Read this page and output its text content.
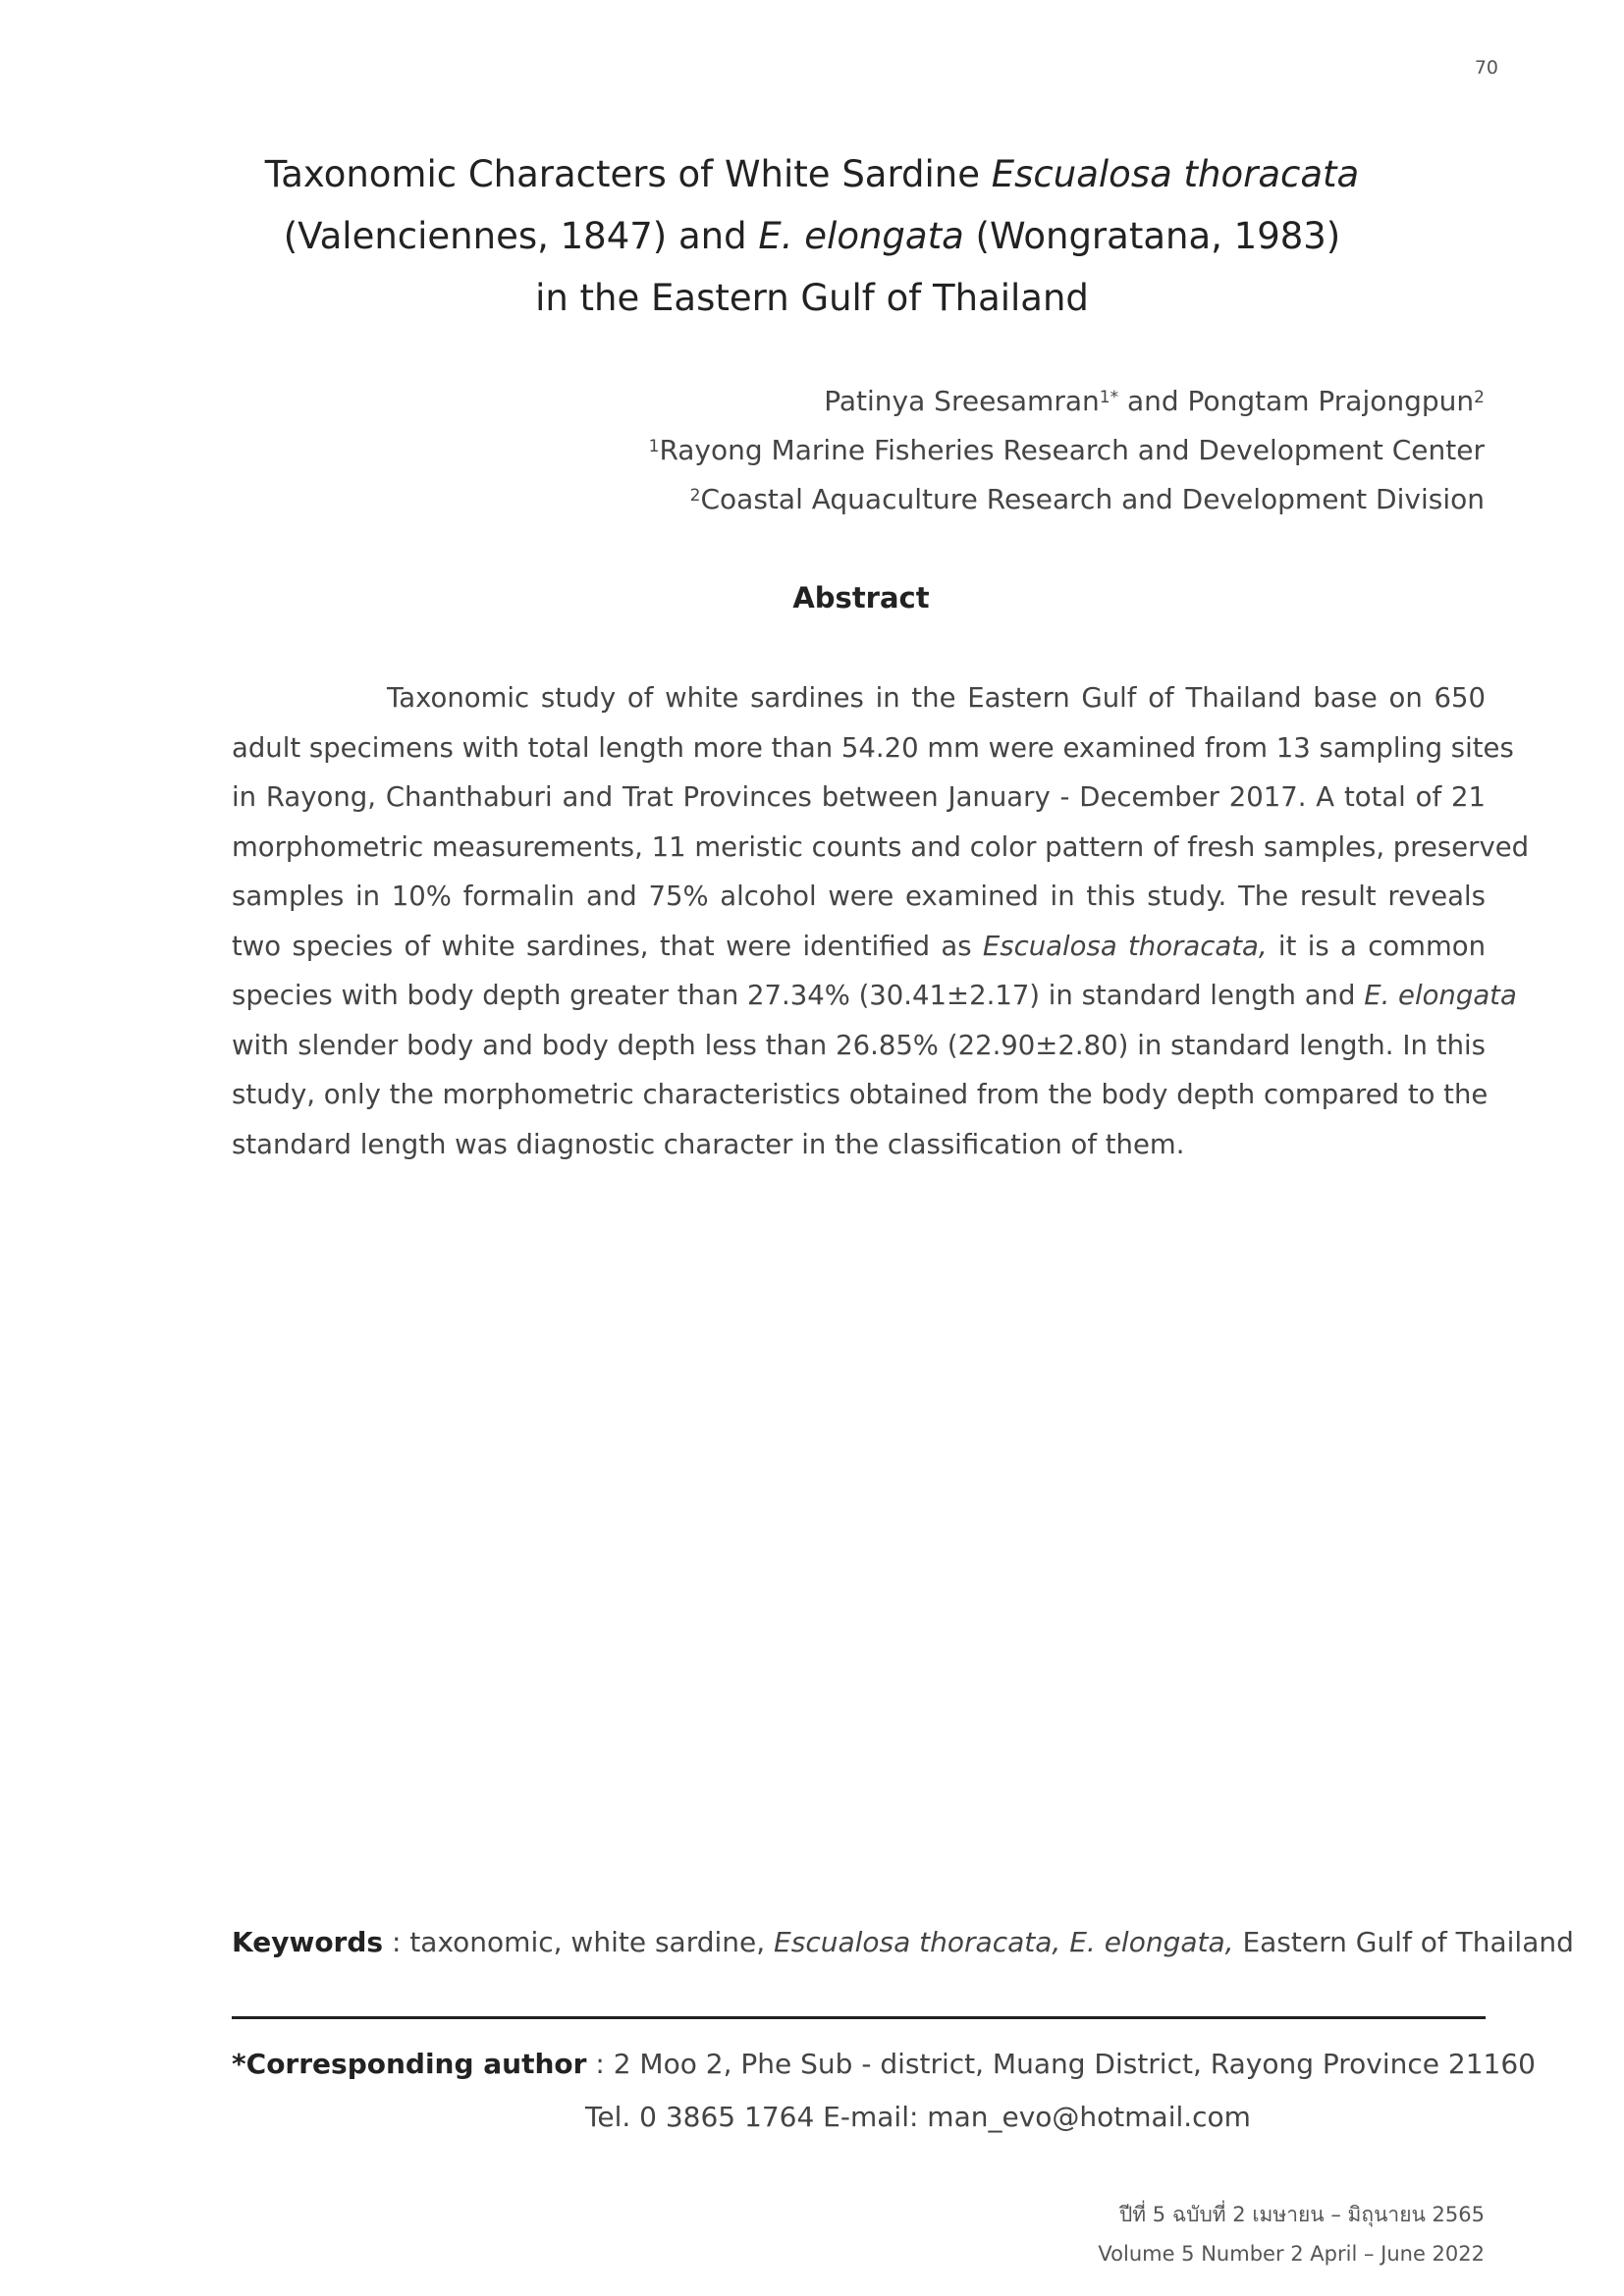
70
Taxonomic Characters of White Sardine Escualosa thoracata
(Valenciennes, 1847) and E. elongata (Wongratana, 1983)
in the Eastern Gulf of Thailand
Patinya Sreesamran$^{1*}$ and Pongtam Prajongpun$^2$
$^1$Rayong Marine Fisheries Research and Development Center
$^2$Coastal Aquaculture Research and Development Division
Abstract
Taxonomic study of white sardines in the Eastern Gulf of Thailand base on 650
adult specimens with total length more than 54.20 mm were examined from 13 sampling sites
in Rayong, Chanthaburi and Trat Provinces between January - December 2017. A total of 21
morphometric measurements, 11 meristic counts and color pattern of fresh samples, preserved
samples in 10% formalin and 75% alcohol were examined in this study. The result reveals
two species of white sardines, that were identified as Escualosa thoracata, it is a common
species with body depth greater than 27.34% (30.41±2.17) in standard length and E. elongata
with slender body and body depth less than 26.85% (22.90±2.80) in standard length. In this
study, only the morphometric characteristics obtained from the body depth compared to the
standard length was diagnostic character in the classification of them.
Keywords : taxonomic, white sardine, Escualosa thoracata, E. elongata, Eastern Gulf of Thailand
*Corresponding author : 2 Moo 2, Phe Sub - district, Muang District, Rayong Province 21160
Tel. 0 3865 1764 E-mail: man_evo@hotmail.com
ปีที่ 5 ฉบับที่ 2 เมษายน – มิถุนายน 2565
Volume 5 Number 2 April – June 2022
